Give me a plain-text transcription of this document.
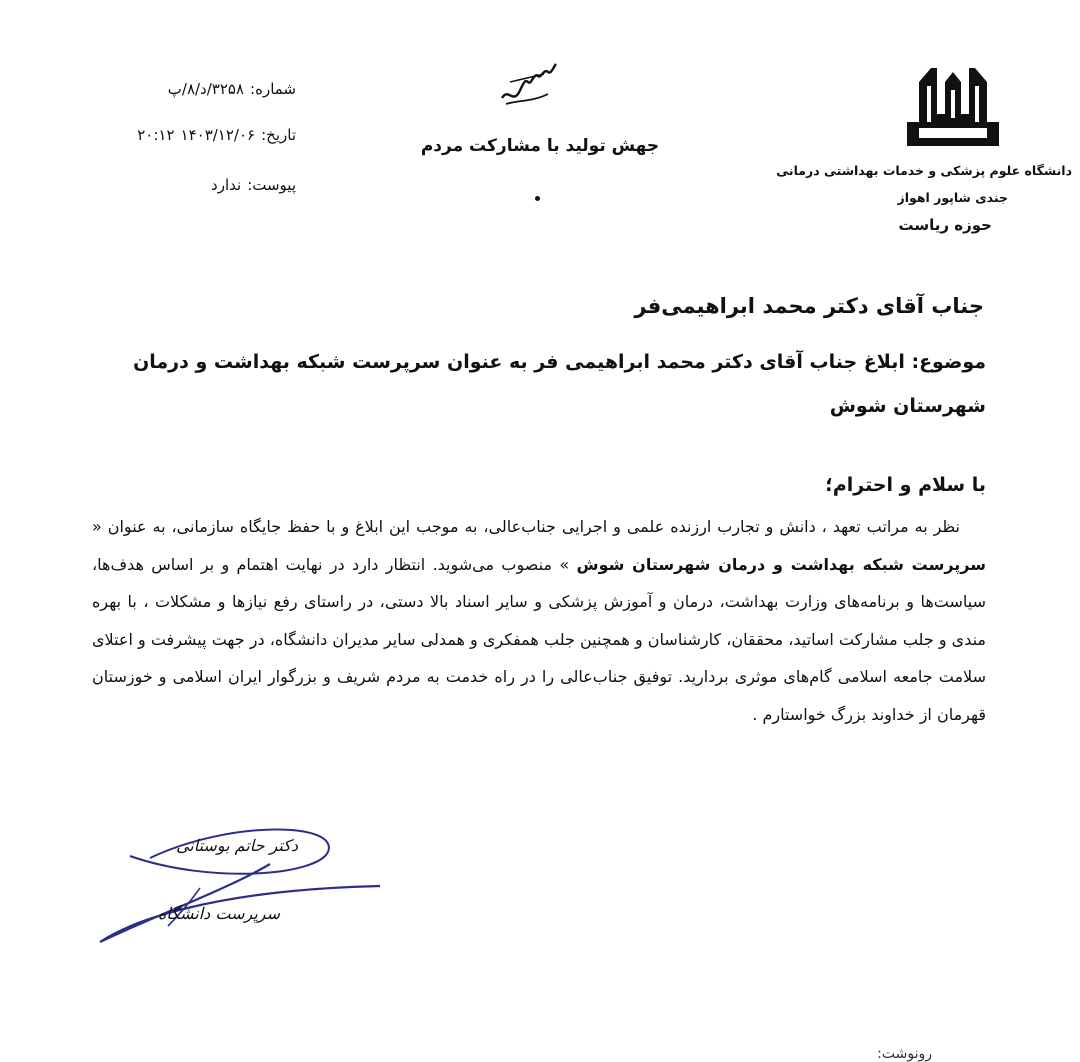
شماره:۳۲۵۸/د/۸/پ
تاریخ:۲۰:۱۲ ۱۴۰۳/۱۲/۰۶
پیوست:ندارد
جهش تولید با مشارکت مردم
دانشگاه علوم پزشکی و خدمات بهداشتی درمانی
جندی شاپور اهواز
حوزه ریاست
جناب آقای دکتر محمد ابراهیمی‌فر
موضوع: ابلاغ جناب آقای دکتر محمد ابراهیمی فر به عنوان سرپرست شبکه بهداشت و درمان شهرستان شوش
با سلام و احترام؛
نظر به مراتب تعهد ، دانش و تجارب ارزنده علمی و اجرایی جناب‌عالی، به موجب این ابلاغ و با حفظ جایگاه سازمانی، به عنوان « سرپرست شبکه بهداشت و درمان شهرستان شوش » منصوب می‌شوید. انتظار دارد در نهایت اهتمام و بر اساس هدف‌ها، سیاست‌ها و برنامه‌های وزارت بهداشت، درمان و آموزش پزشکی و سایر اسناد بالا دستی، در راستای رفع نیازها و مشکلات ، با بهره مندی و جلب مشارکت اساتید، محققان، کارشناسان و همچنین جلب همفکری و همدلی سایر مدیران دانشگاه، در جهت پیشرفت و اعتلای سلامت جامعه اسلامی گام‌های موثری بردارید. توفیق جناب‌عالی را در راه خدمت به مردم شریف و بزرگوار ایران اسلامی و خوزستان قهرمان از خداوند بزرگ خواستارم .
دکتر حاتم بوستانی
سرپرست دانشگاه
رونوشت:
